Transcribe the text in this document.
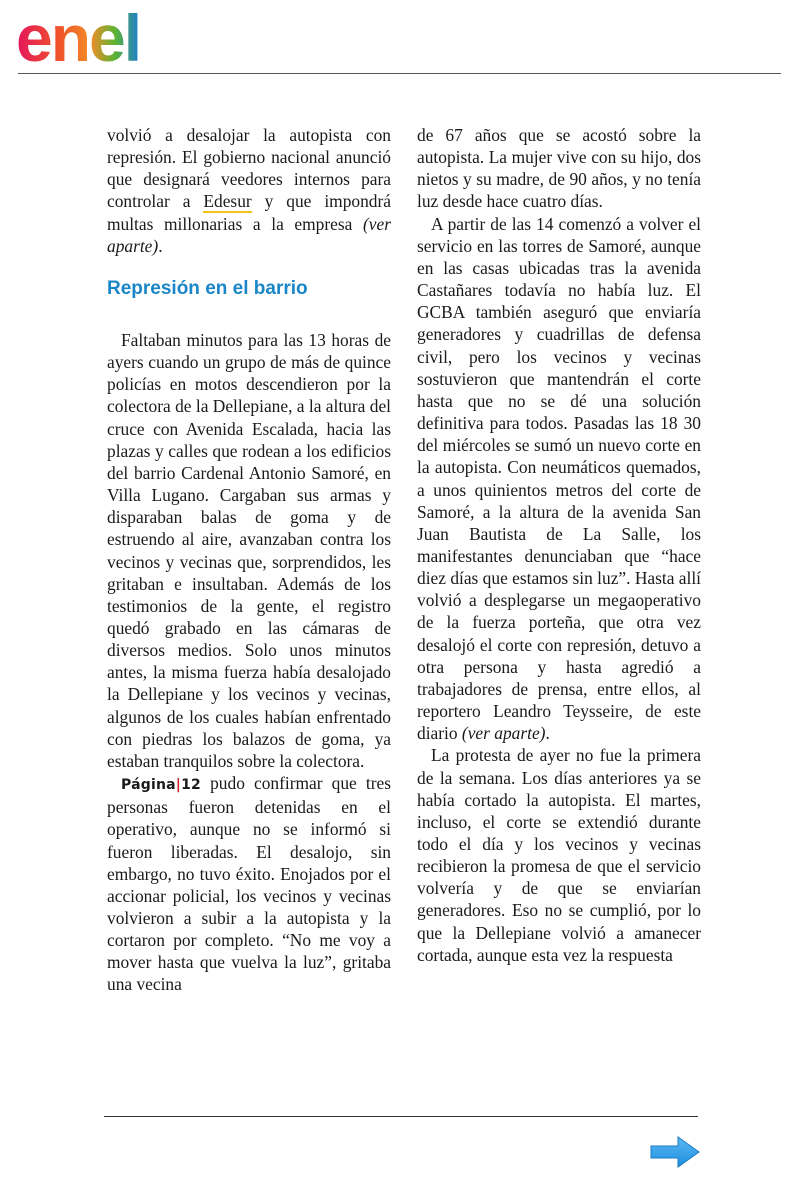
enel

volvió a desalojar la autopista con represión. El gobierno nacional anunció que designará veedores internos para controlar a Edesur y que impondrá multas millonarias a la empresa (ver aparte).

Represión en el barrio

Faltaban minutos para las 13 horas de ayers cuando un grupo de más de quince policías en motos descendieron por la colectora de la Dellepiane, a la altura del cruce con Avenida Escalada, hacia las plazas y calles que rodean a los edificios del barrio Cardenal Antonio Samoré, en Villa Lugano. Cargaban sus armas y disparaban balas de goma y de estruendo al aire, avanzaban contra los vecinos y vecinas que, sorprendidos, les gritaban e insultaban. Además de los testimonios de la gente, el registro quedó grabado en las cámaras de diversos medios. Solo unos minutos antes, la misma fuerza había desalojado la Dellepiane y los vecinos y vecinas, algunos de los cuales habían enfrentado con piedras los balazos de goma, ya estaban tranquilos sobre la colectora.

Página|12 pudo confirmar que tres personas fueron detenidas en el operativo, aunque no se informó si fueron liberadas. El desalojo, sin embargo, no tuvo éxito. Enojados por el accionar policial, los vecinos y vecinas volvieron a subir a la autopista y la cortaron por completo. “No me voy a mover hasta que vuelva la luz”, gritaba una vecina

de 67 años que se acostó sobre la autopista. La mujer vive con su hijo, dos nietos y su madre, de 90 años, y no tenía luz desde hace cuatro días.

A partir de las 14 comenzó a volver el servicio en las torres de Samoré, aunque en las casas ubicadas tras la avenida Castañares todavía no había luz. El GCBA también aseguró que enviaría generadores y cuadrillas de defensa civil, pero los vecinos y vecinas sostuvieron que mantendrán el corte hasta que no se dé una solución definitiva para todos. Pasadas las 18 30 del miércoles se sumó un nuevo corte en la autopista. Con neumáticos quemados, a unos quinientos metros del corte de Samoré, a la altura de la avenida San Juan Bautista de La Salle, los manifestantes denunciaban que “hace diez días que estamos sin luz”. Hasta allí volvió a desplegarse un megaoperativo de la fuerza porteña, que otra vez desalojó el corte con represión, detuvo a otra persona y hasta agredió a trabajadores de prensa, entre ellos, al reportero Leandro Teysseire, de este diario (ver aparte).

La protesta de ayer no fue la primera de la semana. Los días anteriores ya se había cortado la autopista. El martes, incluso, el corte se extendió durante todo el día y los vecinos y vecinas recibieron la promesa de que el servicio volvería y de que se enviarían generadores. Eso no se cumplió, por lo que la Dellepiane volvió a amanecer cortada, aunque esta vez la respuesta
